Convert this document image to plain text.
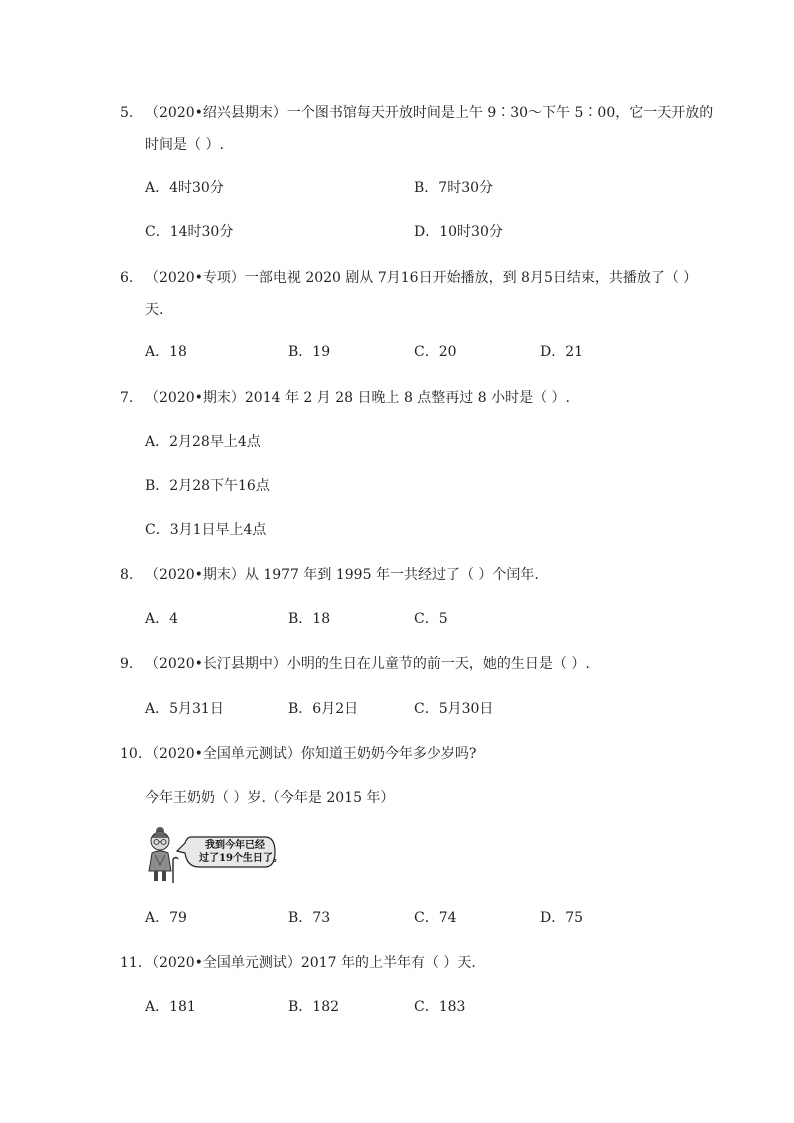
5. （2020•绍兴县期末）一个图书馆每天开放时间是上午 9∶30～下午 5∶00，它一天开放的
时间是（ ）.
A．4时30分	B．7时30分
C．14时30分	D．10时30分
6. （2020•专项）一部电视 2020 剧从 7月16日开始播放，到 8月5日结束，共播放了（ ）
天.
A．18	B．19	C．20	D．21
7. （2020•期末）2014 年 2 月 28 日晚上 8 点整再过 8 小时是（ ）.
A．2月28早上4点
B．2月28下午16点
C．3月1日早上4点
8. （2020•期末）从 1977 年到 1995 年一共经过了（ ）个闰年.
A．4	B．18	C．5
9. （2020•长汀县期中）小明的生日在儿童节的前一天，她的生日是（ ）.
A．5月31日	B．6月2日	C．5月30日
10. （2020•全国单元测试）你知道王奶奶今年多少岁吗?
今年王奶奶（ ）岁.（今年是 2015 年）
我到今年已经
过了19个生日了。
A．79	B．73	C．74	D．75
11. （2020•全国单元测试）2017 年的上半年有（ ）天.
A．181	B．182	C．183
